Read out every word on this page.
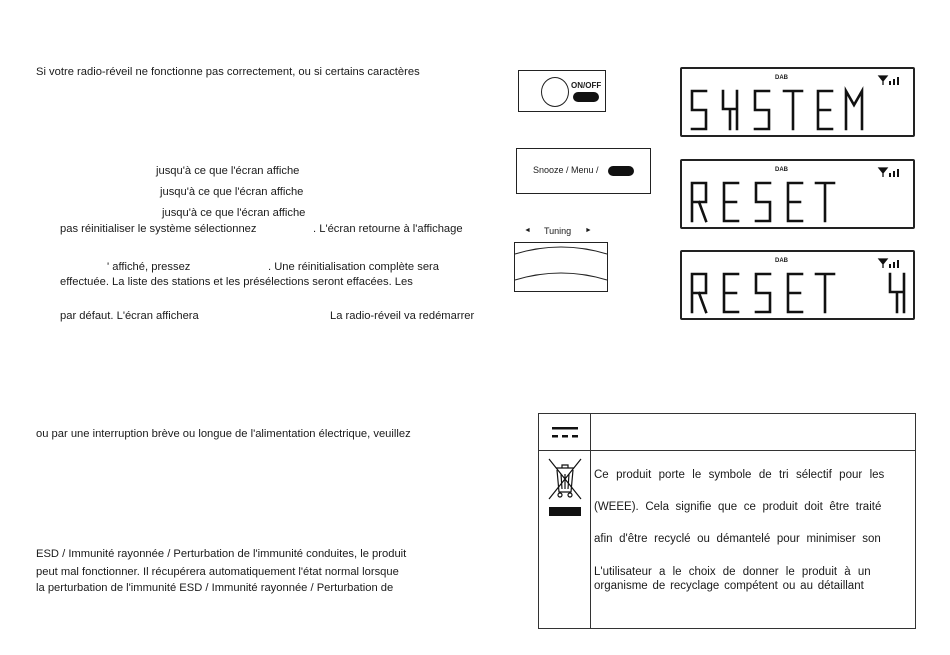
Si votre radio-réveil ne fonctionne pas correctement, ou si certains caractères
jusqu'à ce que l'écran affiche
jusqu'à ce que l'écran affiche
jusqu'à ce que l'écran affiche
pas réinitialiser le système sélectionnez	. L'écran retourne à l'affichage
' affiché, pressez	. Une réinitialisation complète sera
effectuée. La liste des stations et les présélections seront effacées. Les
par défaut. L'écran affichera	La radio-réveil va redémarrer
ou par une interruption brève ou longue de l'alimentation électrique, veuillez
ESD / Immunité rayonnée / Perturbation de l'immunité conduites, le produit
peut mal fonctionner. Il récupérera automatiquement l'état normal lorsque
la perturbation de l'immunité ESD / Immunité rayonnée / Perturbation de
ON/OFF
Snooze / Menu /
◄ Tuning ►
DAB
DAB
DAB
Ce produit porte le symbole de tri sélectif pour les
(WEEE). Cela signifie que ce produit doit être traité
afin d'être recyclé ou démantelé pour minimiser son
L'utilisateur a le choix de donner le produit à un
organisme de recyclage compétent ou au détaillant
